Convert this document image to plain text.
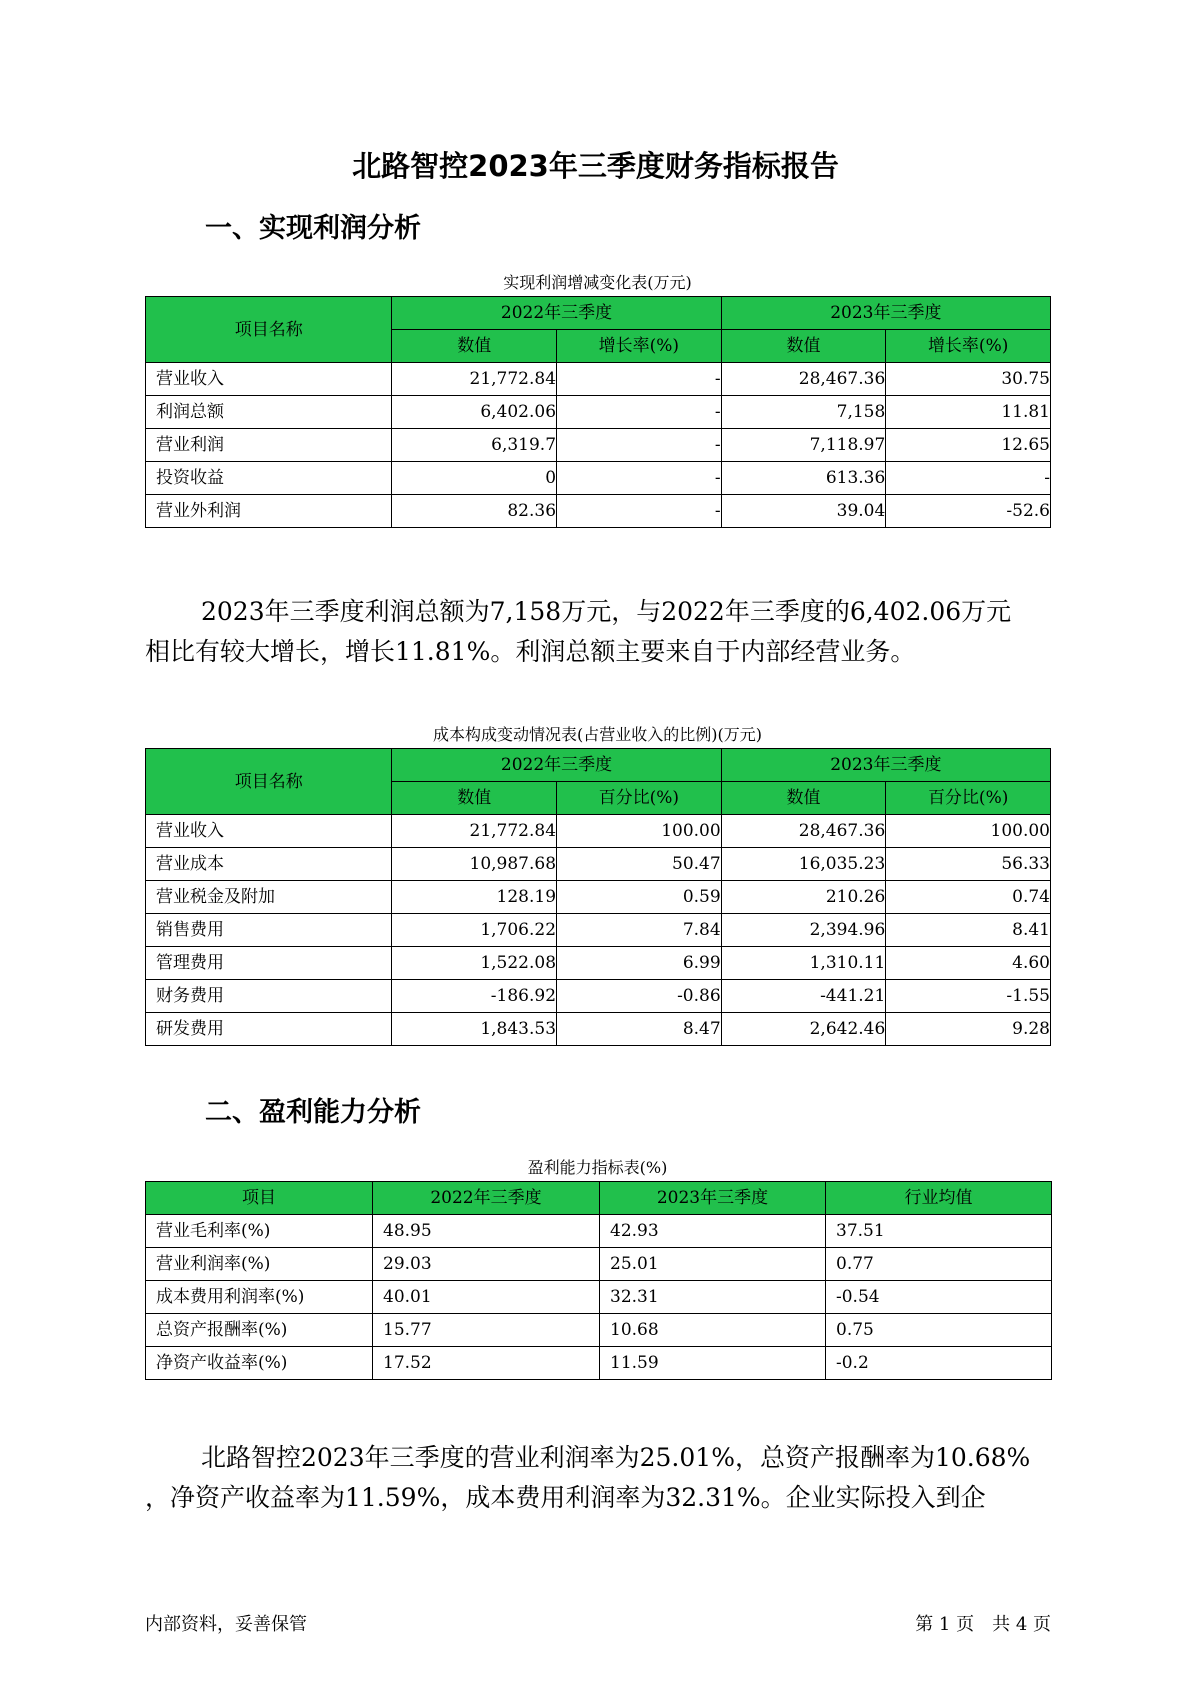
北路智控2023年三季度财务指标报告
一、实现利润分析
实现利润增减变化表(万元)
项目名称	2022年三季度		2023年三季度	
	数值	增长率(%)	数值	增长率(%)
营业收入	21,772.84	-	28,467.36	30.75
利润总额	6,402.06	-	7,158	11.81
营业利润	6,319.7	-	7,118.97	12.65
投资收益	0	-	613.36	-
营业外利润	82.36	-	39.04	-52.6
2023年三季度利润总额为7,158万元，与2022年三季度的6,402.06万元
相比有较大增长，增长11.81%。利润总额主要来自于内部经营业务。
成本构成变动情况表(占营业收入的比例)(万元)
项目名称	2022年三季度		2023年三季度	
	数值	百分比(%)	数值	百分比(%)
营业收入	21,772.84	100.00	28,467.36	100.00
营业成本	10,987.68	50.47	16,035.23	56.33
营业税金及附加	128.19	0.59	210.26	0.74
销售费用	1,706.22	7.84	2,394.96	8.41
管理费用	1,522.08	6.99	1,310.11	4.60
财务费用	-186.92	-0.86	-441.21	-1.55
研发费用	1,843.53	8.47	2,642.46	9.28
二、盈利能力分析
盈利能力指标表(%)
项目	2022年三季度	2023年三季度	行业均值
营业毛利率(%)	48.95	42.93	37.51
营业利润率(%)	29.03	25.01	0.77
成本费用利润率(%)	40.01	32.31	-0.54
总资产报酬率(%)	15.77	10.68	0.75
净资产收益率(%)	17.52	11.59	-0.2
北路智控2023年三季度的营业利润率为25.01%，总资产报酬率为10.68%
，净资产收益率为11.59%，成本费用利润率为32.31%。企业实际投入到企
内部资料，妥善保管	第 1 页　共 4 页
